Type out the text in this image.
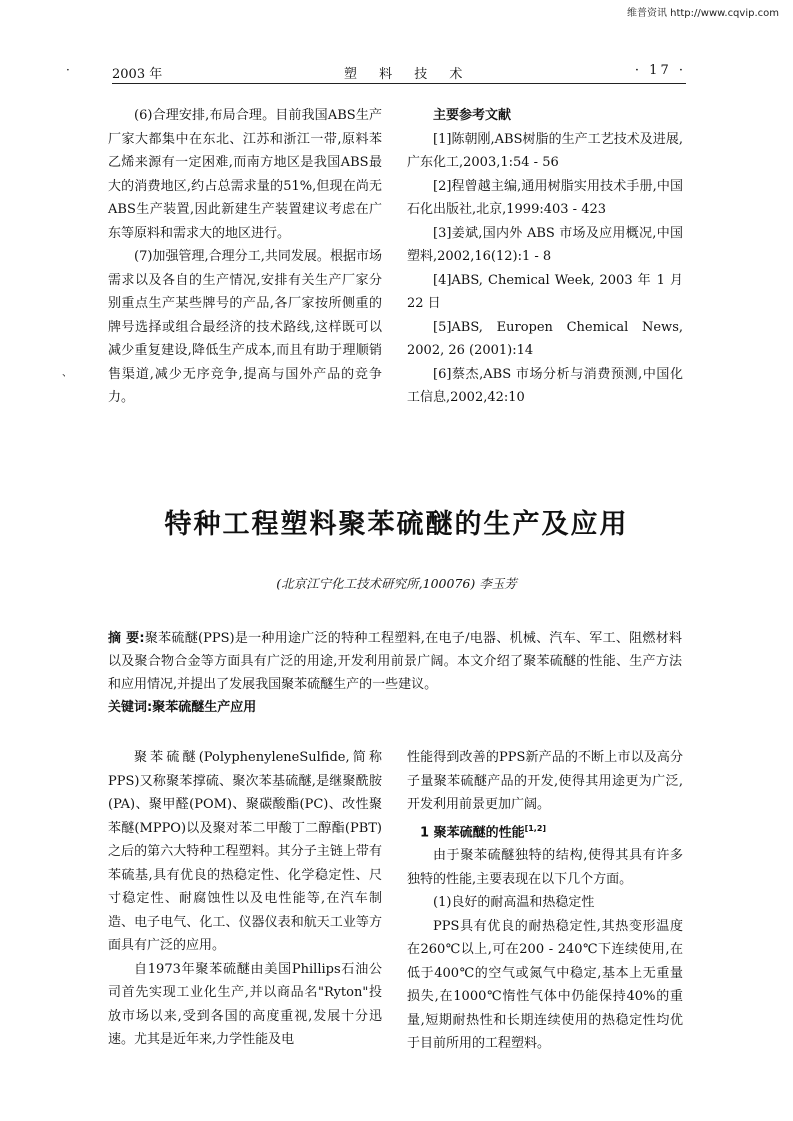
维普资讯 http://www.cqvip.com
·
、
2003 年	塑 料 技 术	· 17 ·

(6)合理安排,布局合理。目前我国ABS生产厂家大都集中在东北、江苏和浙江一带,原料苯乙烯来源有一定困难,而南方地区是我国ABS最大的消费地区,约占总需求量的51%,但现在尚无ABS生产装置,因此新建生产装置建议考虑在广东等原料和需求大的地区进行。

(7)加强管理,合理分工,共同发展。根据市场需求以及各自的生产情况,安排有关生产厂家分别重点生产某些牌号的产品,各厂家按所侧重的牌号选择或组合最经济的技术路线,这样既可以减少重复建设,降低生产成本,而且有助于理顺销售渠道,减少无序竞争,提高与国外产品的竞争力。

主要参考文献

[1]陈朝刚,ABS树脂的生产工艺技术及进展,广东化工,2003,1:54 - 56

[2]程曾越主编,通用树脂实用技术手册,中国石化出版社,北京,1999:403 - 423

[3]姜斌,国内外 ABS 市场及应用概况,中国塑料,2002,16(12):1 - 8

[4]ABS, Chemical Week, 2003 年 1 月 22 日

[5]ABS, Europen Chemical News, 2002, 26 (2001):14

[6]蔡杰,ABS 市场分析与消费预测,中国化工信息,2002,42:10

特种工程塑料聚苯硫醚的生产及应用
(北京江宁化工技术研究所,100076) 李玉芳

摘 要:聚苯硫醚(PPS)是一种用途广泛的特种工程塑料,在电子/电器、机械、汽车、军工、阻燃材料以及聚合物合金等方面具有广泛的用途,开发利用前景广阔。本文介绍了聚苯硫醚的性能、生产方法和应用情况,并提出了发展我国聚苯硫醚生产的一些建议。

关键词:聚苯硫醚生产应用

聚苯硫醚(PolyphenyleneSulfide,简称PPS)又称聚苯撑硫、聚次苯基硫醚,是继聚酰胺(PA)、聚甲醛(POM)、聚碳酸酯(PC)、改性聚苯醚(MPPO)以及聚对苯二甲酸丁二醇酯(PBT)之后的第六大特种工程塑料。其分子主链上带有苯硫基,具有优良的热稳定性、化学稳定性、尺寸稳定性、耐腐蚀性以及电性能等,在汽车制造、电子电气、化工、仪器仪表和航天工业等方面具有广泛的应用。

自1973年聚苯硫醚由美国Phillips石油公司首先实现工业化生产,并以商品名"Ryton"投放市场以来,受到各国的高度重视,发展十分迅速。尤其是近年来,力学性能及电

性能得到改善的PPS新产品的不断上市以及高分子量聚苯硫醚产品的开发,使得其用途更为广泛,开发利用前景更加广阔。

1 聚苯硫醚的性能[1,2]

由于聚苯硫醚独特的结构,使得其具有许多独特的性能,主要表现在以下几个方面。

(1)良好的耐高温和热稳定性

PPS具有优良的耐热稳定性,其热变形温度在260℃以上,可在200 - 240℃下连续使用,在低于400℃的空气或氮气中稳定,基本上无重量损失,在1000℃惰性气体中仍能保持40%的重量,短期耐热性和长期连续使用的热稳定性均优于目前所用的工程塑料。
